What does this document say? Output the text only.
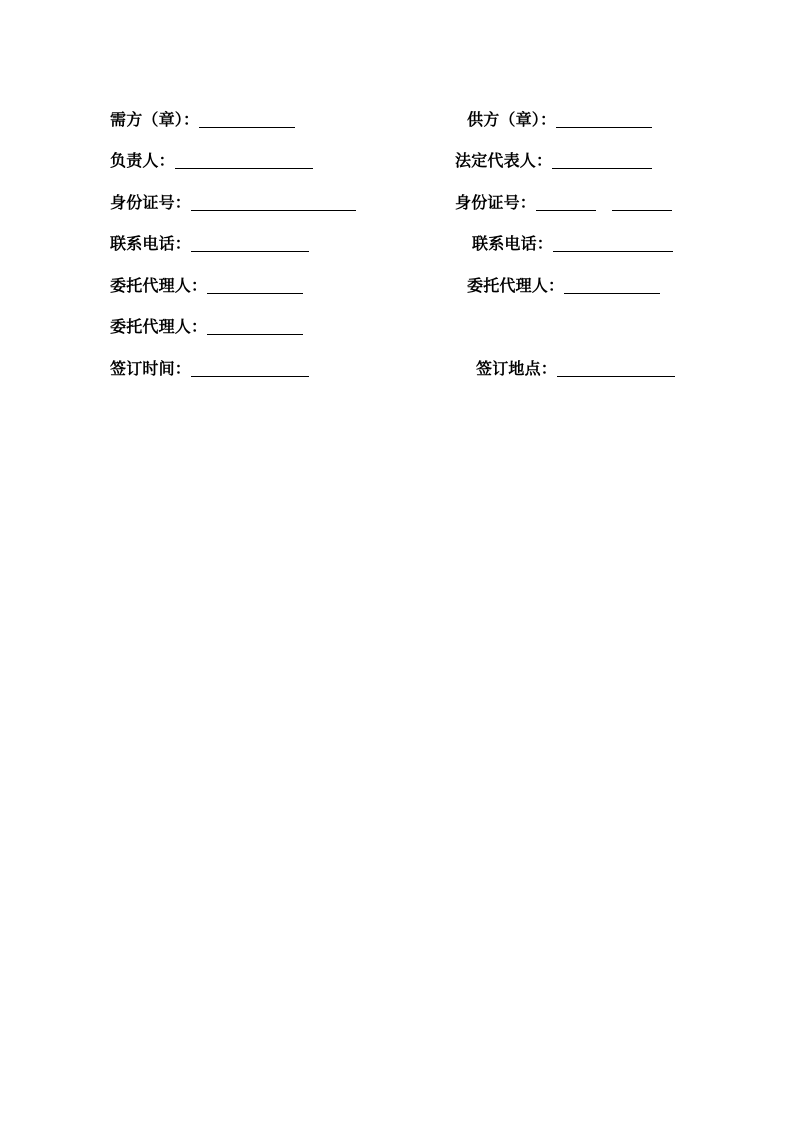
需方（章）：
负责人：
身份证号：
联系电话：
委托代理人：
委托代理人：
签订时间：
供方（章）：
法定代表人：
身份证号：
联系电话：
委托代理人：
签订地点：
